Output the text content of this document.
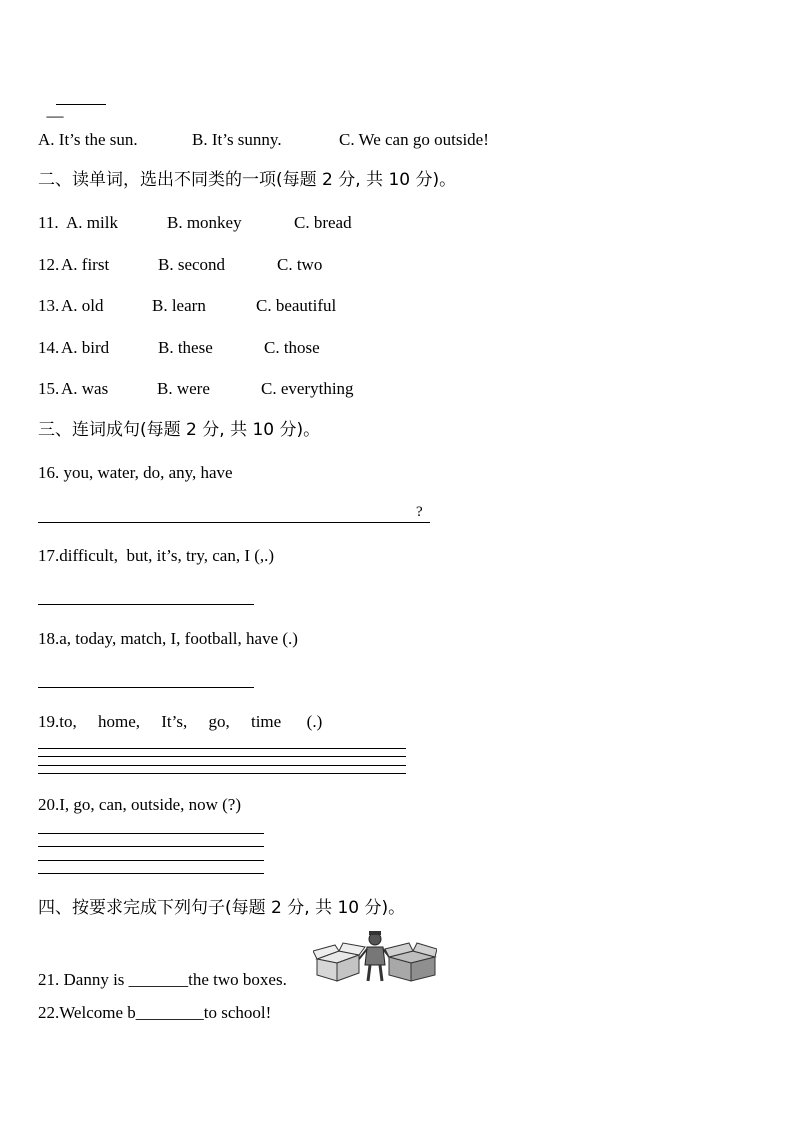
—

A. It’s the sun.	B. It’s sunny.	C. We can go outside!
二、读单词，选出不同类的一项(每题 2 分, 共 10 分)。
11. A. milk	B. monkey	C. bread
12. A. first	B. second	C. two
13. A. old	B. learn	C. beautiful
14. A. bird	B. these	C. those
15. A. was	B. were	C. everything
三、连词成句(每题 2 分, 共 10 分)。
16. you, water, do, any, have
?
17.difficult,  but, it’s, try, can, I (,.)
18.a, today, match, I, football, have (.)
19.to,     home,     It’s,     go,     time      (.)
20.I, go, can, outside, now (?)
四、按要求完成下列句子(每题 2 分, 共 10 分)。
21. Danny is _______the two boxes.
22.Welcome b________to school!
